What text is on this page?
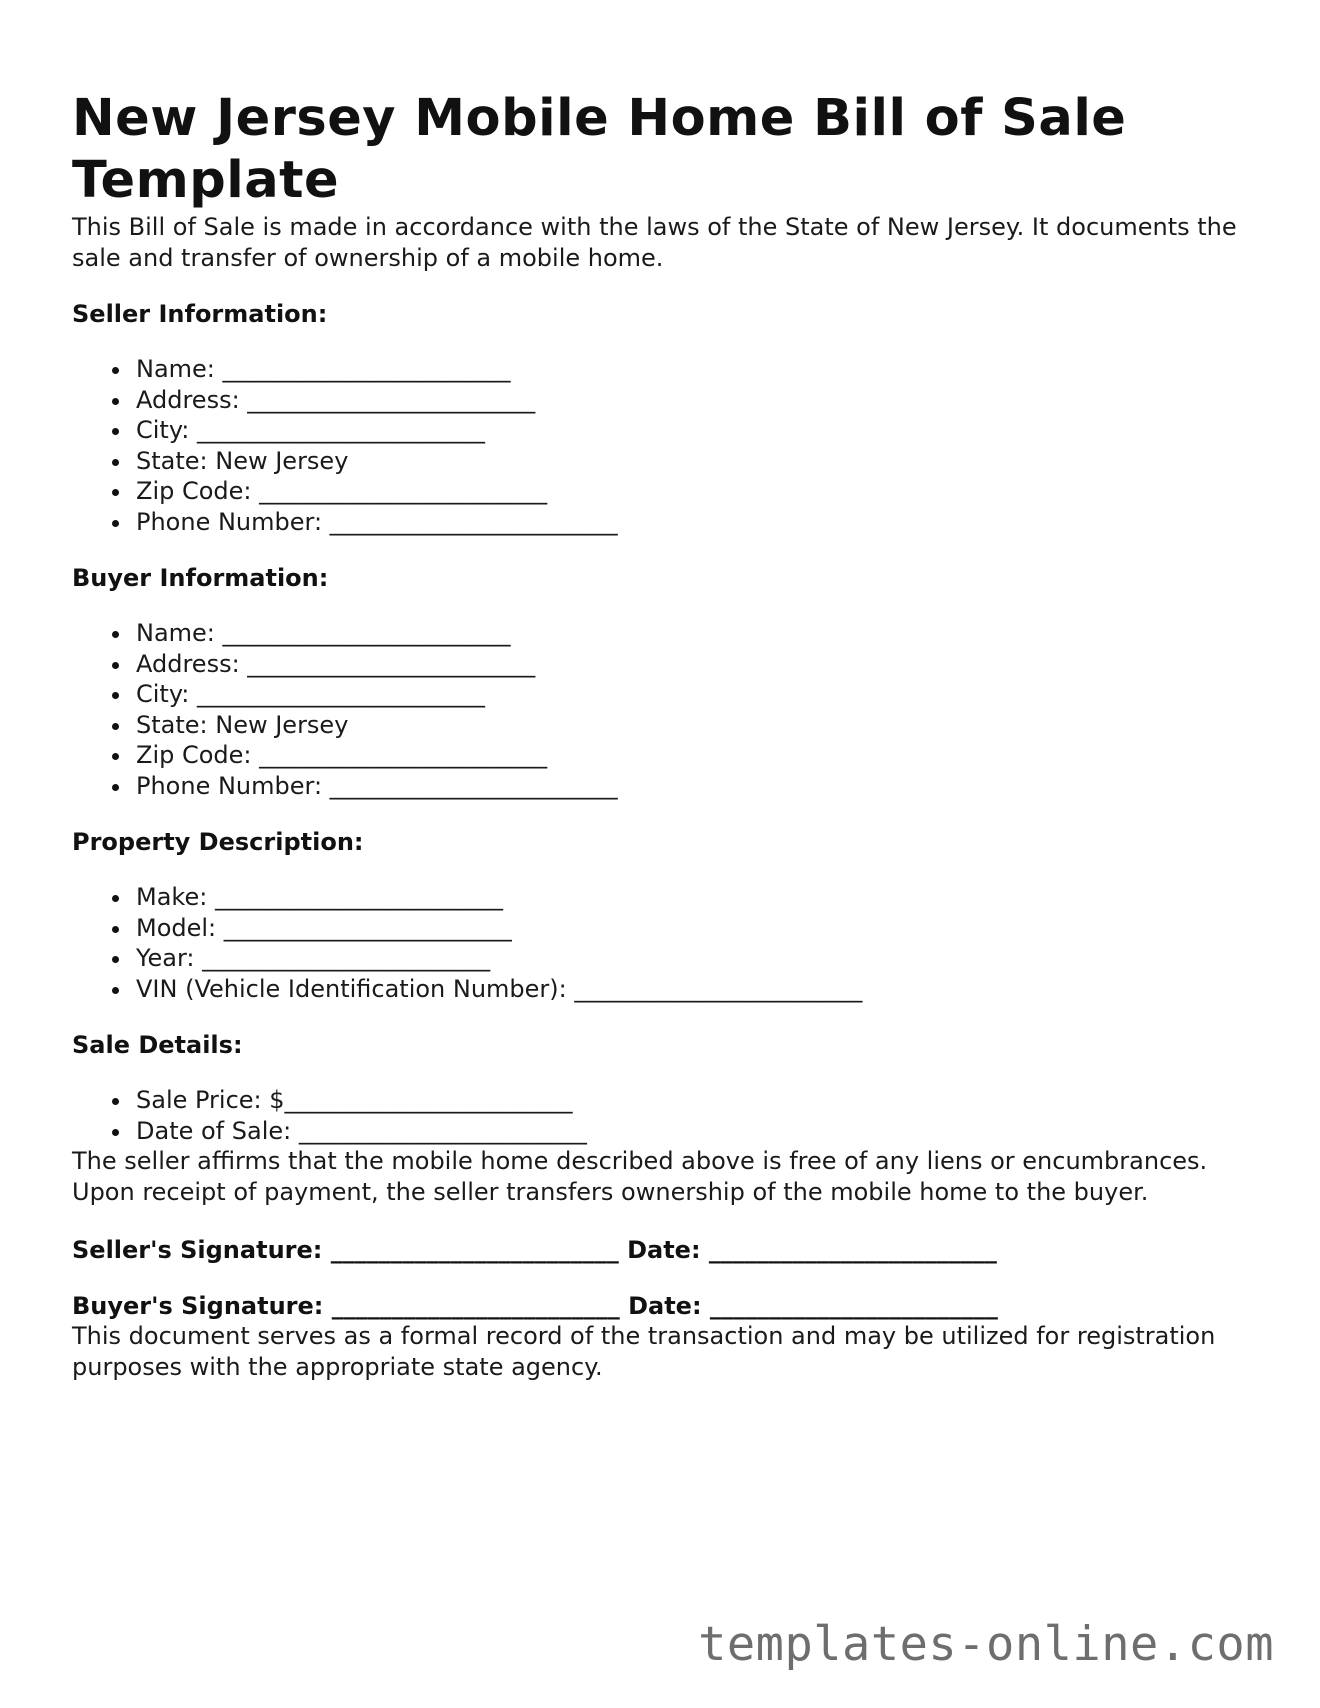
New Jersey Mobile Home Bill of Sale Template

This Bill of Sale is made in accordance with the laws of the State of New Jersey. It documents the sale and transfer of ownership of a mobile home.

Seller Information:
Name: ________________________
Address: ________________________
City: ________________________
State: New Jersey
Zip Code: ________________________
Phone Number: ________________________
Buyer Information:
Name: ________________________
Address: ________________________
City: ________________________
State: New Jersey
Zip Code: ________________________
Phone Number: ________________________
Property Description:
Make: ________________________
Model: ________________________
Year: ________________________
VIN (Vehicle Identification Number): ________________________
Sale Details:
Sale Price: $________________________
Date of Sale: ________________________

The seller affirms that the mobile home described above is free of any liens or encumbrances. Upon receipt of payment, the seller transfers ownership of the mobile home to the buyer.

Seller's Signature: ________________________ Date: ________________________

Buyer's Signature: ________________________ Date: ________________________

This document serves as a formal record of the transaction and may be utilized for registration purposes with the appropriate state agency.

templates-online.com
